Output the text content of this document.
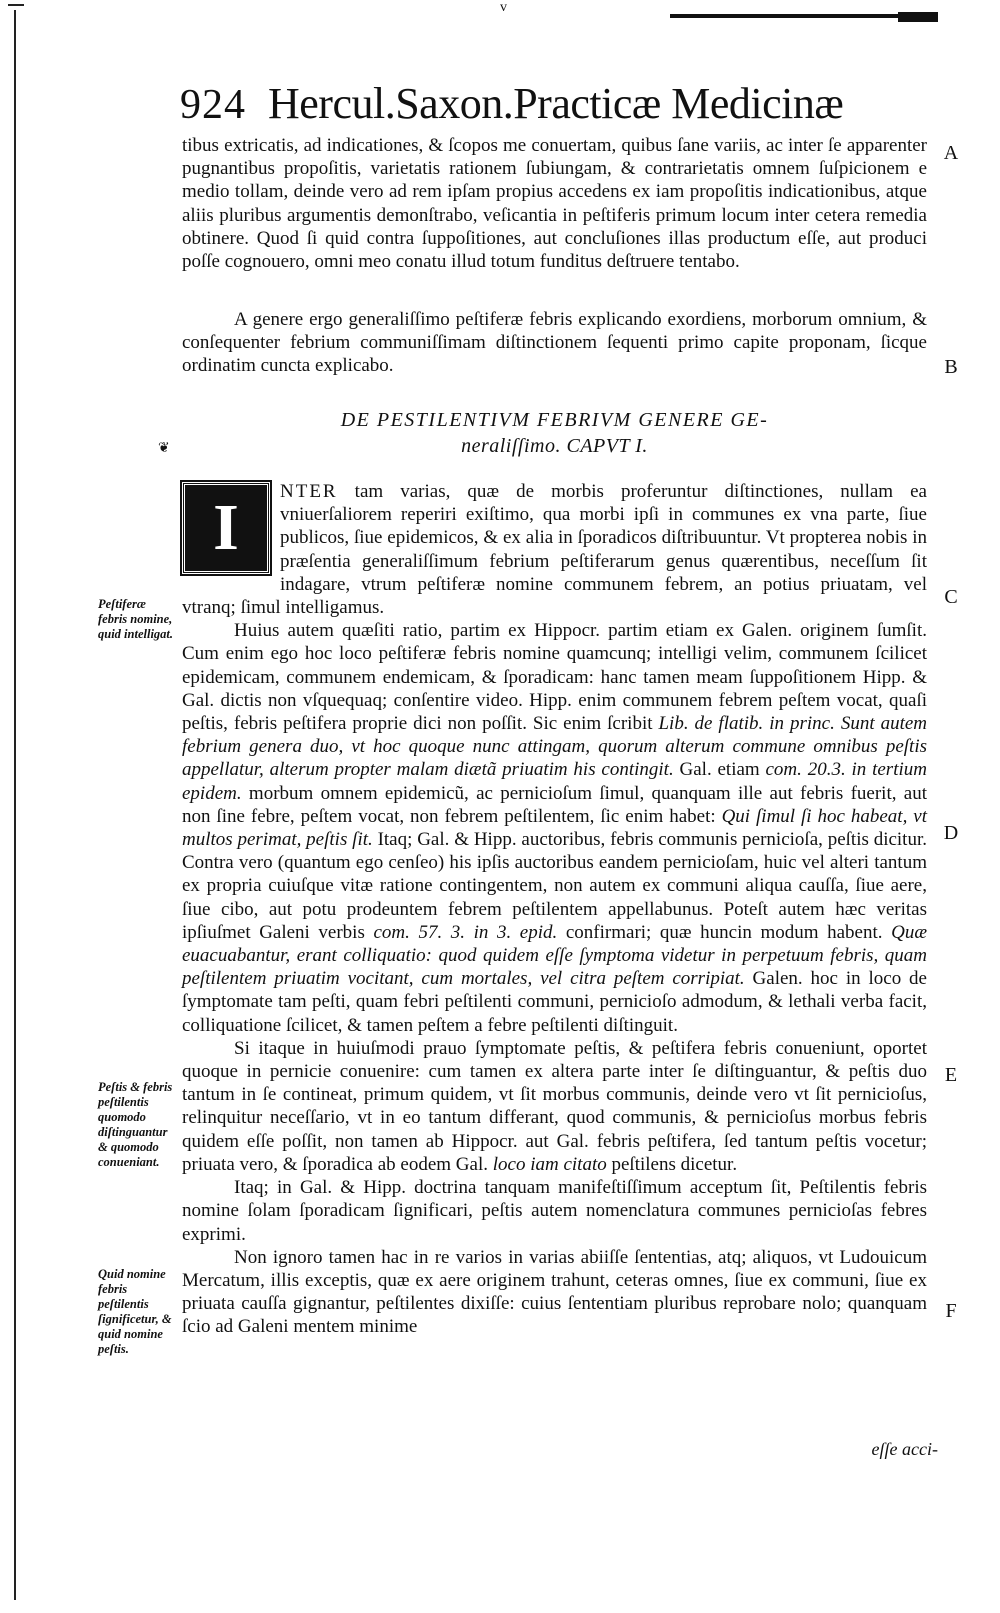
v
924 Hercul.Saxon.Practicæ Medicinæ

tibus extricatis, ad indicationes, & ſcopos me conuertam, quibus ſane variis, ac inter ſe apparenter pugnantibus propoſitis, varietatis rationem ſubiungam, & contrarietatis omnem ſuſpicionem e medio tollam, deinde vero ad rem ipſam propius accedens ex iam propoſitis indicationibus, atque aliis pluribus argumentis demonſtrabo, veſicantia in peſtiferis primum locum inter cetera remedia obtinere. Quod ſi quid contra ſuppoſitiones, aut concluſiones illas productum eſſe, aut produci poſſe cognouero, omni meo conatu illud totum funditus deſtruere tentabo.

A genere ergo generaliſſimo peſtiferæ febris explicando exordiens, morborum omnium, & conſequenter febrium communiſſimam diſtinctionem ſequenti primo capite proponam, ſicque ordinatim cuncta explicabo.

DE PESTILENTIVM FEBRIVM GENERE GE-
neraliſſimo. CAPVT I.
❦

I	NTER tam varias, quæ de morbis proferuntur diſtinctiones, nullam ea vniuerſaliorem reperiri exiſtimo, qua morbi ipſi in communes ex vna parte, ſiue publicos, ſiue epidemicos, & ex alia in ſporadicos diſtribuuntur. Vt propterea nobis in præſentia generaliſſimum febrium peſtiferarum genus quærentibus, neceſſum ſit indagare, vtrum peſtiferæ nomine communem febrem, an potius priuatam, vel vtranq; ſimul intelligamus.

Huius autem quæſiti ratio, partim ex Hippocr. partim etiam ex Galen. originem ſumſit. Cum enim ego hoc loco peſtiferæ febris nomine quamcunq; intelligi velim, communem ſcilicet epidemicam, communem endemicam, & ſporadicam: hanc tamen meam ſuppoſitionem Hipp. & Gal. dictis non vſquequaq; conſentire video. Hipp. enim communem febrem peſtem vocat, quaſi peſtis, febris peſtifera proprie dici non poſſit. Sic enim ſcribit Lib. de flatib. in princ. Sunt autem febrium genera duo, vt hoc quoque nunc attingam, quorum alterum commune omnibus peſtis appellatur, alterum propter malam diætã priuatim his contingit. Gal. etiam com. 20.3. in tertium epidem. morbum omnem epidemicũ, ac pernicioſum ſimul, quanquam ille aut febris fuerit, aut non ſine febre, peſtem vocat, non febrem peſtilentem, ſic enim habet: Qui ſimul ſi hoc habeat, vt multos perimat, peſtis ſit. Itaq; Gal. & Hipp. auctoribus, febris communis pernicioſa, peſtis dicitur. Contra vero (quantum ego cenſeo) his ipſis auctoribus eandem pernicioſam, huic vel alteri tantum ex propria cuiuſque vitæ ratione contingentem, non autem ex communi aliqua cauſſa, ſiue aere, ſiue cibo, aut potu prodeuntem febrem peſtilentem appellabunus. Poteſt autem hæc veritas ipſiuſmet Galeni verbis com. 57. 3. in 3. epid. confirmari; quæ huncin modum habent. Quæ euacuabantur, erant colliquatio: quod quidem eſſe ſymptoma videtur in perpetuum febris, quam peſtilentem priuatim vocitant, cum mortales, vel citra peſtem corripiat. Galen. hoc in loco de ſymptomate tam peſti, quam febri peſtilenti communi, pernicioſo admodum, & lethali verba facit, colliquatione ſcilicet, & tamen peſtem a febre peſtilenti diſtinguit.

Si itaque in huiuſmodi prauo ſymptomate peſtis, & peſtifera febris conueniunt, oportet quoque in pernicie conuenire: cum tamen ex altera parte inter ſe diſtinguantur, & peſtis duo tantum in ſe contineat, primum quidem, vt ſit morbus communis, deinde vero vt ſit pernicioſus, relinquitur neceſſario, vt in eo tantum differant, quod communis, & pernicioſus morbus febris quidem eſſe poſſit, non tamen ab Hippocr. aut Gal. febris peſtifera, ſed tantum peſtis vocetur; priuata vero, & ſporadica ab eodem Gal. loco iam citato peſtilens dicetur.

Itaq; in Gal. & Hipp. doctrina tanquam manifeſtiſſimum acceptum ſit, Peſtilentis febris nomine ſolam ſporadicam ſignificari, peſtis autem nomenclatura communes pernicioſas febres exprimi.

Non ignoro tamen hac in re varios in varias abiiſſe ſententias, atq; aliquos, vt Ludouicum Mercatum, illis exceptis, quæ ex aere originem trahunt, ceteras omnes, ſiue ex communi, ſiue ex priuata cauſſa gignantur, peſtilentes dixiſſe: cuius ſententiam pluribus reprobare nolo; quanquam ſcio ad Galeni mentem minime

Peſtiferæ febris nomine, quid intelligat.
Peſtis & febris peſtilentis quomodo diſtinguantur & quomodo conueniant.
Quid nomine febris peſtilentis ſignificetur, & quid nomine peſtis.
A
B
C
D
E
F
eſſe acci-
